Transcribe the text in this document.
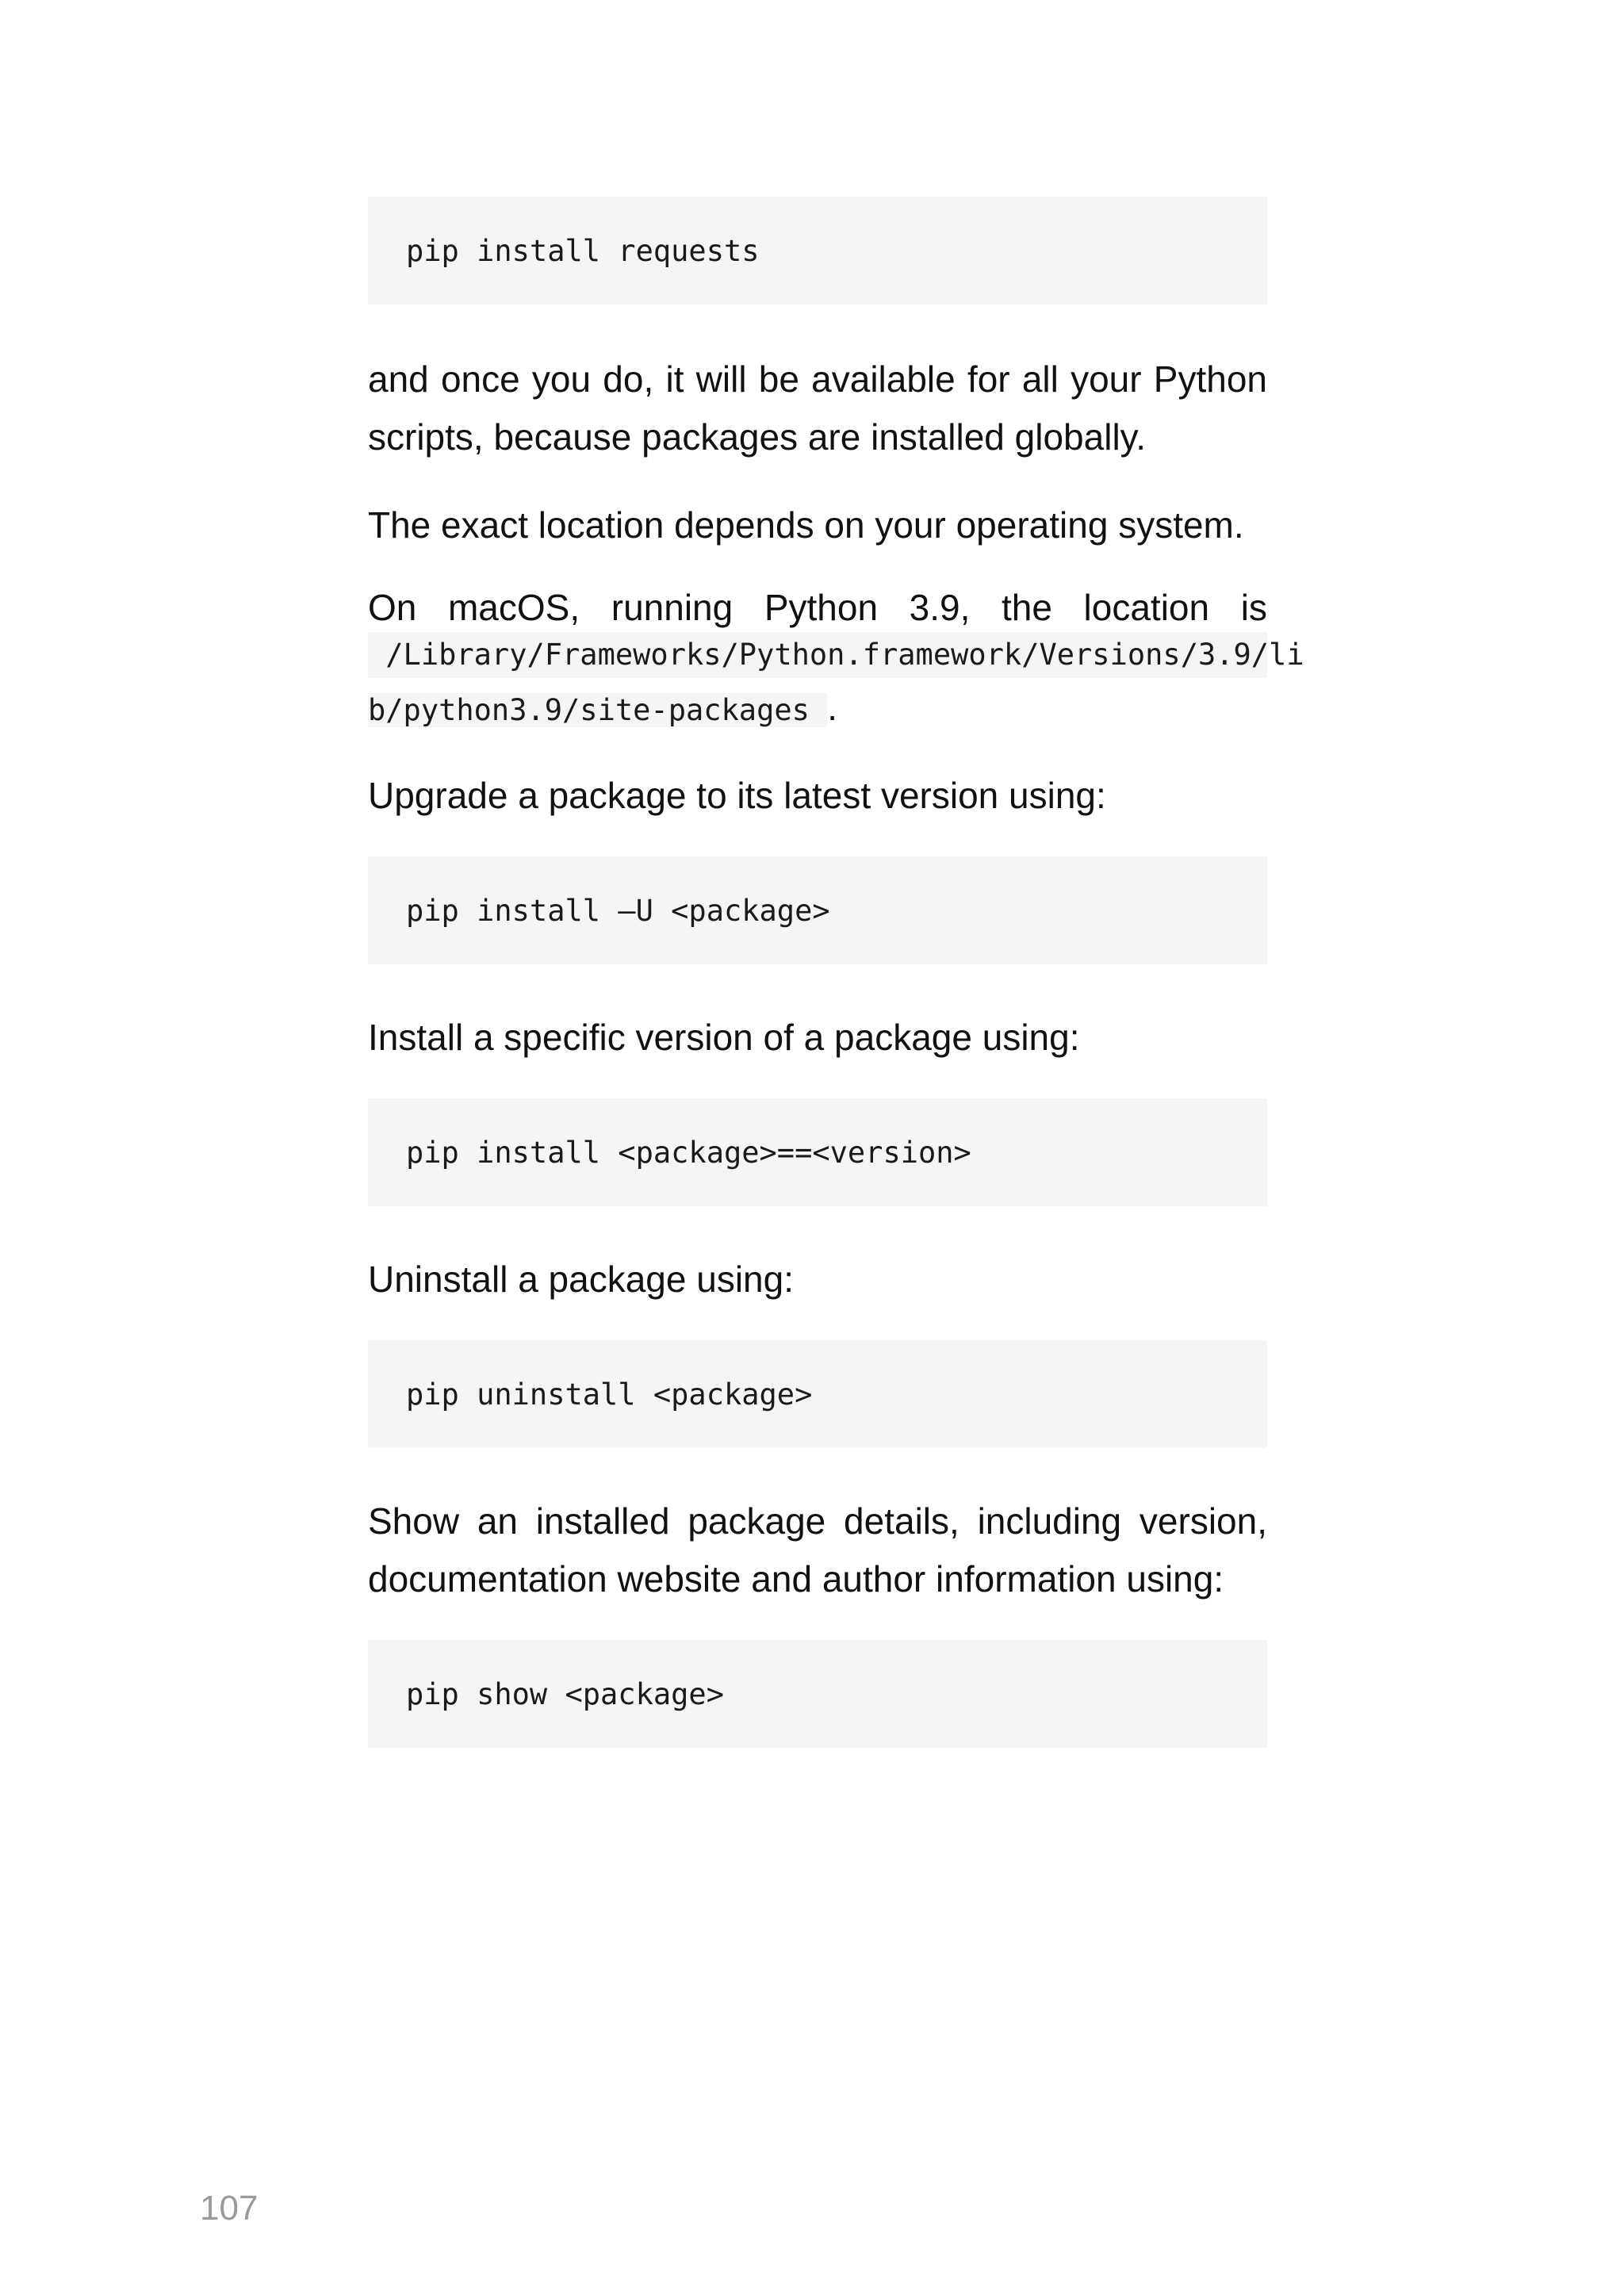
pip install requests

and once you do, it will be available for all your Python scripts, because packages are installed globally.

The exact location depends on your operating system.

On macOS, running Python 3.9, the location is
/Library/Frameworks/Python.framework/Versions/3.9/li
b/python3.9/site-packages .

Upgrade a package to its latest version using:

pip install –U <package>

Install a specific version of a package using:

pip install <package>==<version>

Uninstall a package using:

pip uninstall <package>

Show an installed package details, including version, documentation website and author information using:

pip show <package>
107
